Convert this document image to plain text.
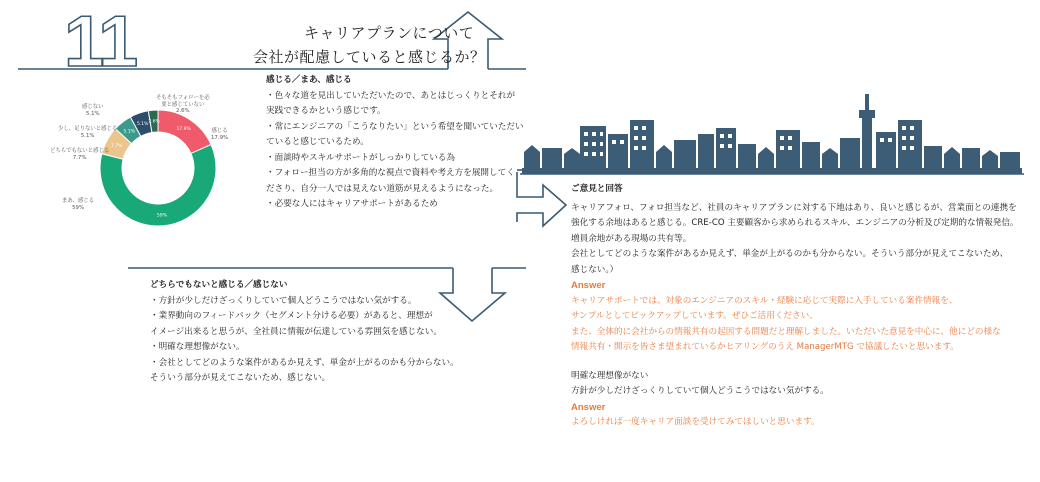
11	キャリアプランについて
会社が配慮していると感じるか？
17.9%
59%
7.7%
5.1%
5.1% 2.6%
そもそもフォローを必
要と感じていない
2.6%
感じない
5.1%
少し、足りないと感じる
5.1%
どちらでもないと感じる
7.7%
感じる
17.9%
まあ、感じる
59%

感じる／まあ、感じる

・色々な道を見出していただいたので、あとはじっくりとそれが

実践できるかという感じです。

・常にエンジニアの「こうなりたい」という希望を聞いていただい

ていると感じているため。

・面談時やスキルサポートがしっかりしている為

・フォロー担当の方が多角的な視点で資料や考え方を展開してく

ださり、自分一人では見えない道筋が見えるようになった。

・必要な人にはキャリアサポートがあるため

どちらでもないと感じる／感じない

・方針が少しだけざっくりしていて個人どうこうではない気がする。

・業界動向のフィードバック（セグメント分ける必要）があると、理想が

イメージ出来ると思うが、全社員に情報が伝達している雰囲気を感じない。

・明確な理想像がない。

・会社としてどのような案件があるか見えず、単金が上がるのかも分からない。

そういう部分が見えてこないため、感じない。

ご意見と回答

キャリアフォロ、フォロ担当など、社員のキャリアプランに対する下地はあり、良いと感じるが、営業面との連携を

強化する余地はあると感じる。CRE-CO 主要顧客から求められるスキル、エンジニアの分析及び定期的な情報発信。

増員余地がある現場の共有等。

会社としてどのような案件があるか見えず、単金が上がるのかも分からない。そういう部分が見えてこないため、

感じない。）

Answer

キャリアサポートでは、対象のエンジニアのスキル・経験に応じて実際に入手している案件情報を、

サンプルとしてピックアップしています。ぜひご活用ください。

また、全体的に会社からの情報共有の起因する問題だと理解しました。いただいた意見を中心に、他にどの様な

情報共有・開示を皆さま望まれているかヒアリングのうえ ManagerMTG で協議したいと思います。

明確な理想像がない

方針が少しだけざっくりしていて個人どうこうではない気がする。

Answer

よろしければ一度キャリア面談を受けてみてほしいと思います。
